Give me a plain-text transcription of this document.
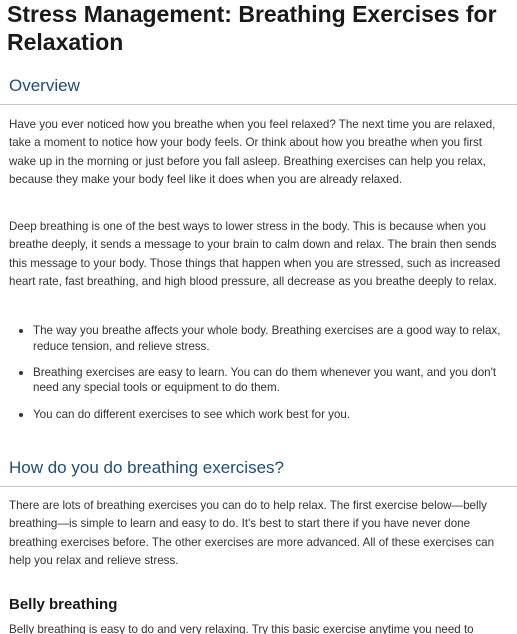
Stress Management: Breathing Exercises for Relaxation
Overview

Have you ever noticed how you breathe when you feel relaxed? The next time you are relaxed, take a moment to notice how your body feels. Or think about how you breathe when you first wake up in the morning or just before you fall asleep. Breathing exercises can help you relax, because they make your body feel like it does when you are already relaxed.

Deep breathing is one of the best ways to lower stress in the body. This is because when you breathe deeply, it sends a message to your brain to calm down and relax. The brain then sends this message to your body. Those things that happen when you are stressed, such as increased heart rate, fast breathing, and high blood pressure, all decrease as you breathe deeply to relax.

The way you breathe affects your whole body. Breathing exercises are a good way to relax, reduce tension, and relieve stress.
Breathing exercises are easy to learn. You can do them whenever you want, and you don't need any special tools or equipment to do them.
You can do different exercises to see which work best for you.
How do you do breathing exercises?

There are lots of breathing exercises you can do to help relax. The first exercise below—belly breathing—is simple to learn and easy to do. It's best to start there if you have never done breathing exercises before. The other exercises are more advanced. All of these exercises can help you relax and relieve stress.

Belly breathing

Belly breathing is easy to do and very relaxing. Try this basic exercise anytime you need to
